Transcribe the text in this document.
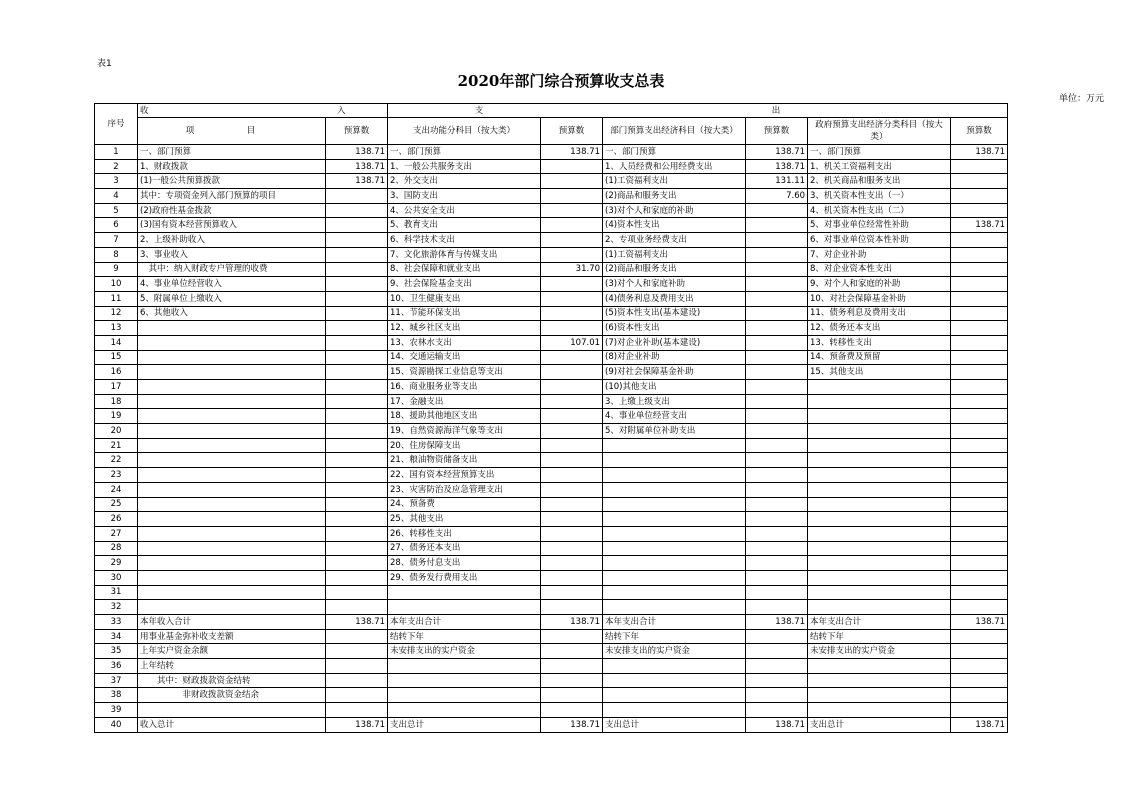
表1
2020年部门综合预算收支总表
单位：万元
序号	收　入		支　出					
	项　目	预算数	支出功能分科目（按大类）	预算数	部门预算支出经济科目（按大类）	预算数	政府预算支出经济分类科目（按大类）	预算数
1	一、部门预算	138.71	一、部门预算	138.71	一、部门预算	138.71	一、部门预算	138.71
2	1、财政拨款	138.71	1、一般公共服务支出		1、人员经费和公用经费支出	138.71	1、机关工资福利支出	
3	(1)一般公共预算拨款	138.71	2、外交支出		(1)工资福利支出	131.11	2、机关商品和服务支出	
4	其中：专项资金列入部门预算的项目		3、国防支出		(2)商品和服务支出	7.60	3、机关资本性支出（一）	
5	(2)政府性基金拨款		4、公共安全支出		(3)对个人和家庭的补助		4、机关资本性支出（二）	
6	(3)国有资本经营预算收入		5、教育支出		(4)资本性支出		5、对事业单位经常性补助	138.71
7	2、上级补助收入		6、科学技术支出		2、专项业务经费支出		6、对事业单位资本性补助	
8	3、事业收入		7、文化旅游体育与传媒支出		(1)工资福利支出		7、对企业补助	
9	　其中：纳入财政专户管理的收费		8、社会保障和就业支出	31.70	(2)商品和服务支出		8、对企业资本性支出	
10	4、事业单位经营收入		9、社会保险基金支出		(3)对个人和家庭补助		9、对个人和家庭的补助	
11	5、附属单位上缴收入		10、卫生健康支出		(4)债务利息及费用支出		10、对社会保障基金补助	
12	6、其他收入		11、节能环保支出		(5)资本性支出(基本建设)		11、债务利息及费用支出	
13			12、城乡社区支出		(6)资本性支出		12、债务还本支出	
14			13、农林水支出	107.01	(7)对企业补助(基本建设)		13、转移性支出	
15			14、交通运输支出		(8)对企业补助		14、预备费及预留	
16			15、资源勘探工业信息等支出		(9)对社会保障基金补助		15、其他支出	
17			16、商业服务业等支出		(10)其他支出			
18			17、金融支出		3、上缴上级支出			
19			18、援助其他地区支出		4、事业单位经营支出			
20			19、自然资源海洋气象等支出		5、对附属单位补助支出			
21			20、住房保障支出					
22			21、粮油物资储备支出					
23			22、国有资本经营预算支出					
24			23、灾害防治及应急管理支出					
25			24、预备费					
26			25、其他支出					
27			26、转移性支出					
28			27、债务还本支出					
29			28、债务付息支出					
30			29、债务发行费用支出					
31								
32								
33	本年收入合计	138.71	本年支出合计	138.71	本年支出合计	138.71	本年支出合计	138.71
34	用事业基金弥补收支差额		结转下年		结转下年		结转下年	
35	上年实户资金余额		未安排支出的实户资金		未安排支出的实户资金		未安排支出的实户资金	
36	上年结转							
37	　　其中：财政拨款资金结转							
38	　　　　　非财政拨款资金结余							
39								
40	收入总计	138.71	支出总计	138.71	支出总计	138.71	支出总计	138.71
